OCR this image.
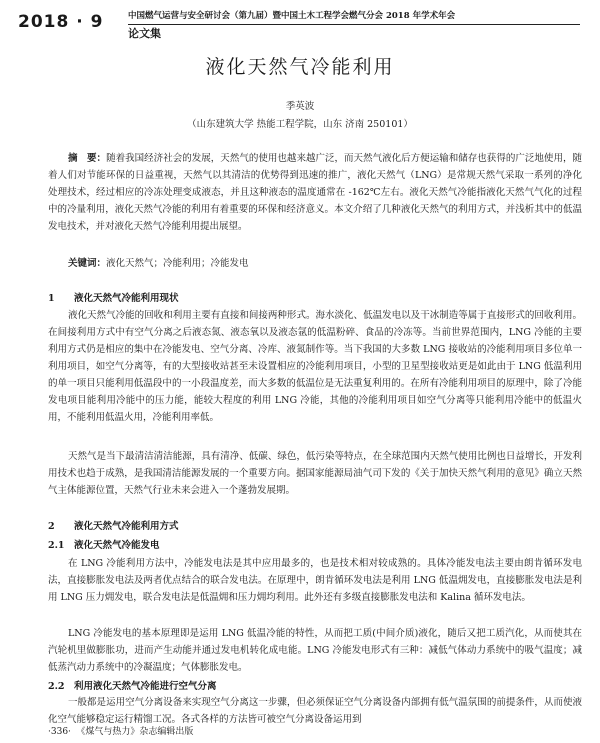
2018 · 9	中国燃气运营与安全研讨会（第九届）暨中国土木工程学会燃气分会 2018 年学术年会
论文集
液化天然气冷能利用
季英波
（山东建筑大学 热能工程学院，山东 济南 250101）
摘　要：随着我国经济社会的发展，天然气的使用也越来越广泛，而天然气液化后方便运输和储存也获得的广泛地使用，随着人们对节能环保的日益重视，天然气以其清洁的优势得到迅速的推广，液化天然气（LNG）是常规天然气采取一系列的净化处理技术，经过相应的冷冻处理变成液态，并且这种液态的温度通常在 -162℃左右。液化天然气冷能指液化天然气气化的过程中的冷量利用，液化天然气冷能的利用有着重要的环保和经济意义。本文介绍了几种液化天然气的利用方式，并浅析其中的低温发电技术，并对液化天然气冷能利用提出展望。
关键词：液化天然气；冷能利用；冷能发电
1 液化天然气冷能利用现状
液化天然气冷能的回收和利用主要有直接和间接两种形式。海水淡化、低温发电以及干冰制造等属于直接形式的回收利用。在间接利用方式中有空气分离之后液态氮、液态氧以及液态氩的低温粉碎、食品的冷冻等。当前世界范围内，LNG 冷能的主要利用方式仍是相应的集中在冷能发电、空气分离、冷库、液氮制作等。当下我国的大多数 LNG 接收站的冷能利用项目多位单一利用项目，如空气分离等，有的大型接收站甚至未设置相应的冷能利用项目，小型的卫星型接收站更是如此由于 LNG 低温利用的单一项目只能利用低温段中的一小段温度差，而大多数的低温位是无法重复利用的。在所有冷能利用项目的原理中，除了冷能发电项目能利用冷能中的压力能，能较大程度的利用 LNG 冷能，其他的冷能利用项目如空气分离等只能利用冷能中的低温火用，不能利用低温火用，冷能利用率低。
天然气是当下最清洁清洁能源，具有清净、低碳、绿色，低污染等特点，在全球范围内天然气使用比例也日益增长，开发利用技术也趋于成熟，是我国清洁能源发展的一个重要方向。据国家能源局油气司下发的《关于加快天然气利用的意见》确立天然气主体能源位置，天然气行业未来会进入一个蓬勃发展期。
2 液化天然气冷能利用方式
2.1 液化天然气冷能发电
在 LNG 冷能利用方法中，冷能发电法是其中应用最多的，也是技术相对较成熟的。具体冷能发电法主要由朗肯循环发电法，直接膨胀发电法及两者优点结合的联合发电法。在原理中，朗肯循环发电法是利用 LNG 低温㶲发电，直接膨胀发电法是利用 LNG 压力㶲发电，联合发电法是低温㶲和压力㶲均利用。此外还有多级直接膨胀发电法和 Kalina 循环发电法。
LNG 冷能发电的基本原理即是运用 LNG 低温冷能的特性，从而把工质(中间介质)液化，随后又把工质汽化，从而使其在汽轮机里做膨胀功，进而产生动能并通过发电机转化成电能。LNG 冷能发电形式有三种：减低气体动力系统中的吸气温度；减低蒸汽动力系统中的冷凝温度；气体膨胀发电。
2.2 利用液化天然气冷能进行空气分离
一般都是运用空气分离设备来实现空气分离这一步骤，但必须保证空气分离设备内部拥有低气温氛围的前提条件，从而使液化空气能够稳定运行精馏工况。各式各样的方法皆可被空气分离设备运用到
·336· 《煤气与热力》杂志编辑出版
